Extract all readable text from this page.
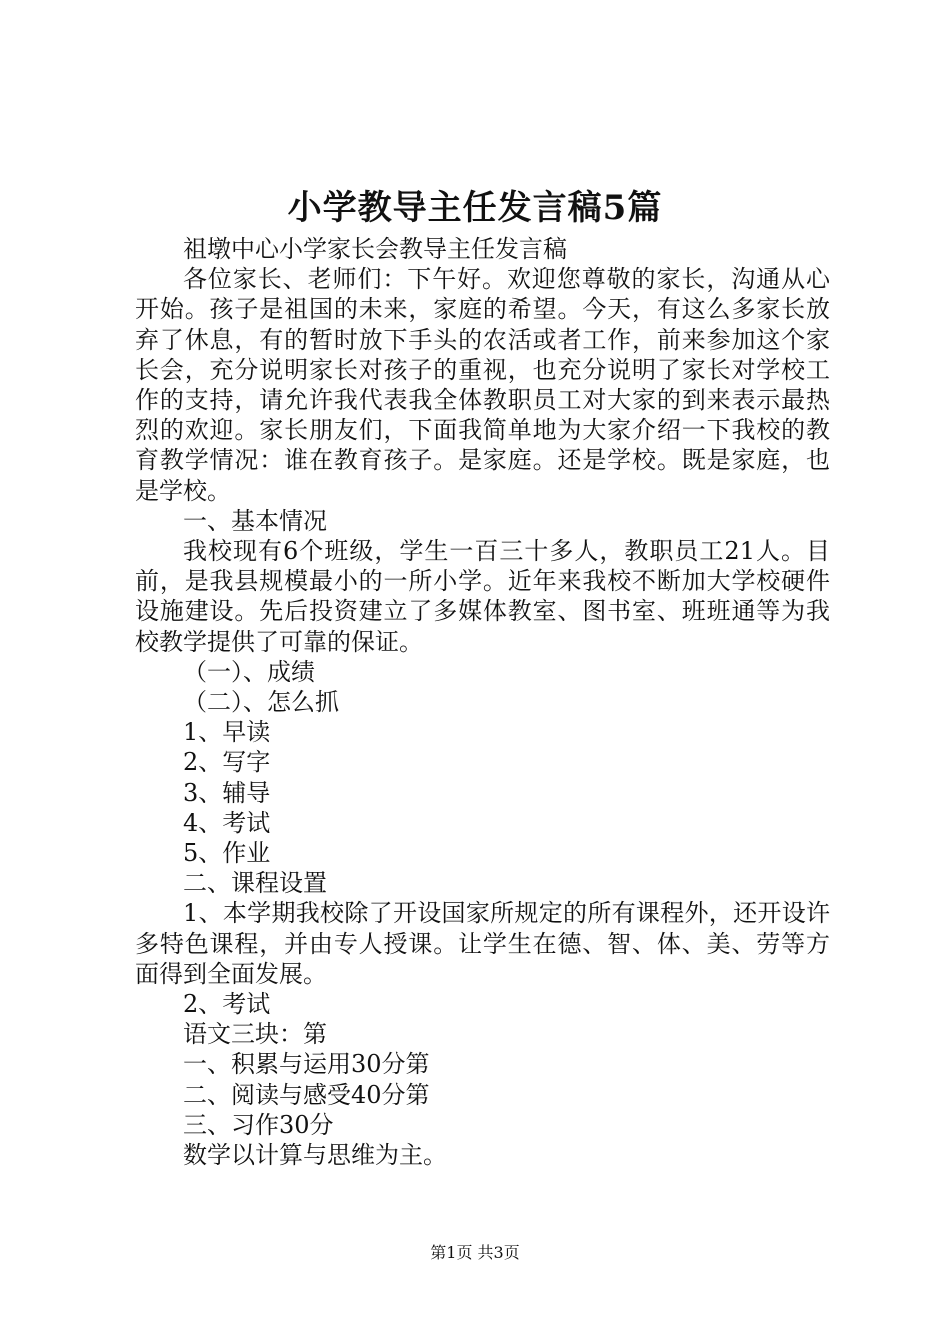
小学教导主任发言稿5篇

祖墩中心小学家长会教导主任发言稿

各位家长、老师们：下午好。欢迎您尊敬的家长，沟通从心开始。孩子是祖国的未来，家庭的希望。今天，有这么多家长放弃了休息，有的暂时放下手头的农活或者工作，前来参加这个家长会，充分说明家长对孩子的重视，也充分说明了家长对学校工作的支持，请允许我代表我全体教职员工对大家的到来表示最热烈的欢迎。家长朋友们，下面我简单地为大家介绍一下我校的教育教学情况：谁在教育孩子。是家庭。还是学校。既是家庭，也是学校。

一、基本情况

我校现有6个班级，学生一百三十多人，教职员工21人。目前，是我县规模最小的一所小学。近年来我校不断加大学校硬件设施建设。先后投资建立了多媒体教室、图书室、班班通等为我校教学提供了可靠的保证。

（一）、成绩

（二）、怎么抓

1、早读

2、写字

3、辅导

4、考试

5、作业

二、课程设置

1、本学期我校除了开设国家所规定的所有课程外，还开设许多特色课程，并由专人授课。让学生在德、智、体、美、劳等方面得到全面发展。

2、考试

语文三块：第

一、积累与运用30分第

二、阅读与感受40分第

三、习作30分

数学以计算与思维为主。

第1页 共3页
